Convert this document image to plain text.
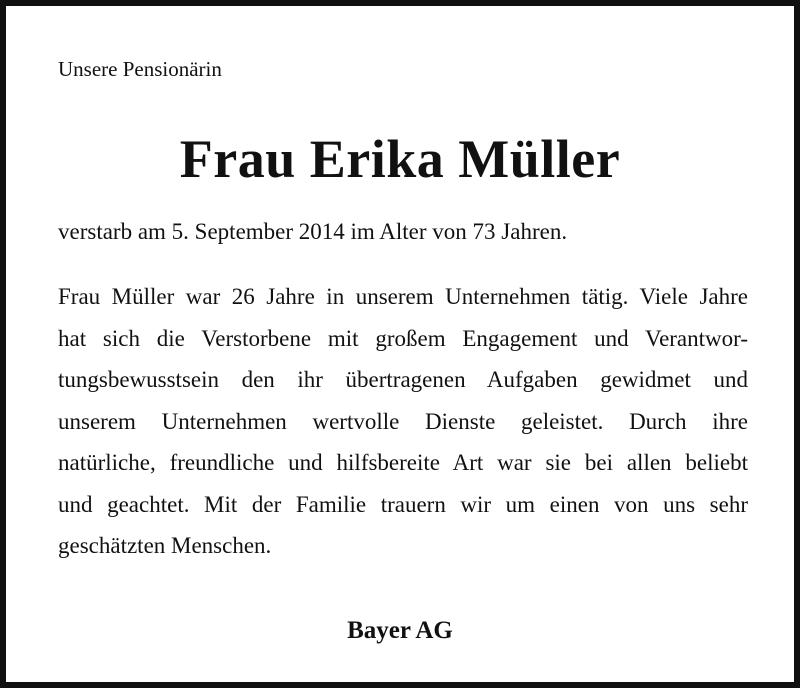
Unsere Pensionärin

Frau Erika Müller

verstarb am 5. September 2014 im Alter von 73 Jahren.

Frau Müller war 26 Jahre in unserem Unternehmen tätig. Viele Jahre
hat sich die Verstorbene mit großem Engagement und Verantwor-
tungsbewusstsein den ihr übertragenen Aufgaben gewidmet und
unserem Unternehmen wertvolle Dienste geleistet. Durch ihre
natürliche, freundliche und hilfsbereite Art war sie bei allen beliebt
und geachtet. Mit der Familie trauern wir um einen von uns sehr
geschätzten Menschen.

Bayer AG
